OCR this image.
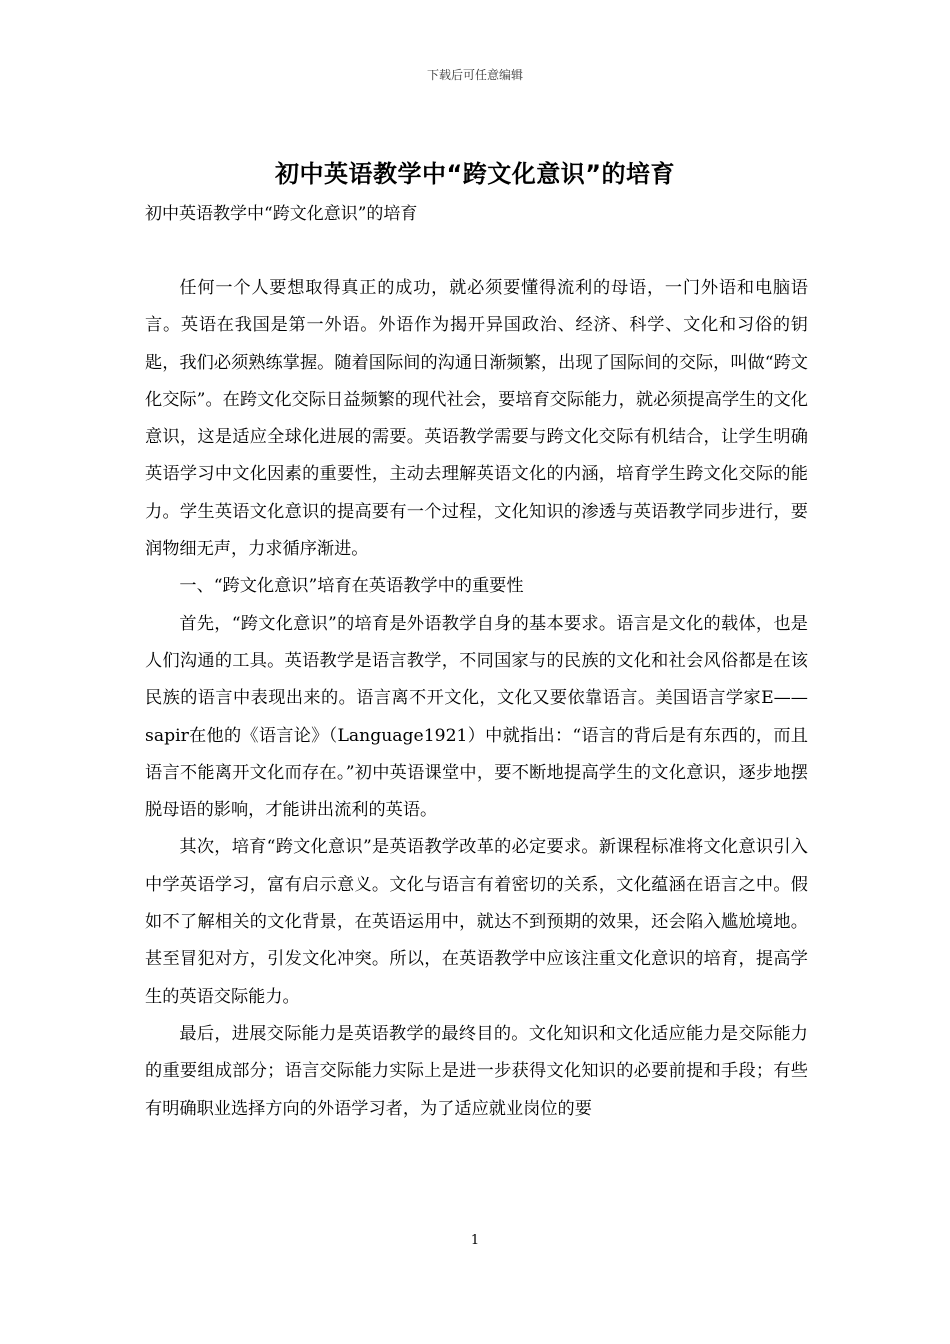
下载后可任意编辑
初中英语教学中“跨文化意识”的培育
初中英语教学中“跨文化意识”的培育

任何一个人要想取得真正的成功，就必须要懂得流利的母语，一门外语和电脑语言。英语在我国是第一外语。外语作为揭开异国政治、经济、科学、文化和习俗的钥匙，我们必须熟练掌握。随着国际间的沟通日渐频繁，出现了国际间的交际，叫做“跨文化交际”。在跨文化交际日益频繁的现代社会，要培育交际能力，就必须提高学生的文化意识，这是适应全球化进展的需要。英语教学需要与跨文化交际有机结合，让学生明确英语学习中文化因素的重要性，主动去理解英语文化的内涵，培育学生跨文化交际的能力。学生英语文化意识的提高要有一个过程，文化知识的渗透与英语教学同步进行，要润物细无声，力求循序渐进。

一、“跨文化意识”培育在英语教学中的重要性

首先，“跨文化意识”的培育是外语教学自身的基本要求。语言是文化的载体，也是人们沟通的工具。英语教学是语言教学，不同国家与的民族的文化和社会风俗都是在该民族的语言中表现出来的。语言离不开文化，文化又要依靠语言。美国语言学家E——sapir在他的《语言论》（Language1921）中就指出：“语言的背后是有东西的，而且语言不能离开文化而存在。”初中英语课堂中，要不断地提高学生的文化意识，逐步地摆脱母语的影响，才能讲出流利的英语。

其次，培育“跨文化意识”是英语教学改革的必定要求。新课程标准将文化意识引入中学英语学习，富有启示意义。文化与语言有着密切的关系，文化蕴涵在语言之中。假如不了解相关的文化背景，在英语运用中，就达不到预期的效果，还会陷入尴尬境地。甚至冒犯对方，引发文化冲突。所以，在英语教学中应该注重文化意识的培育，提高学生的英语交际能力。

最后，进展交际能力是英语教学的最终目的。文化知识和文化适应能力是交际能力的重要组成部分；语言交际能力实际上是进一步获得文化知识的必要前提和手段；有些有明确职业选择方向的外语学习者，为了适应就业岗位的要

1
